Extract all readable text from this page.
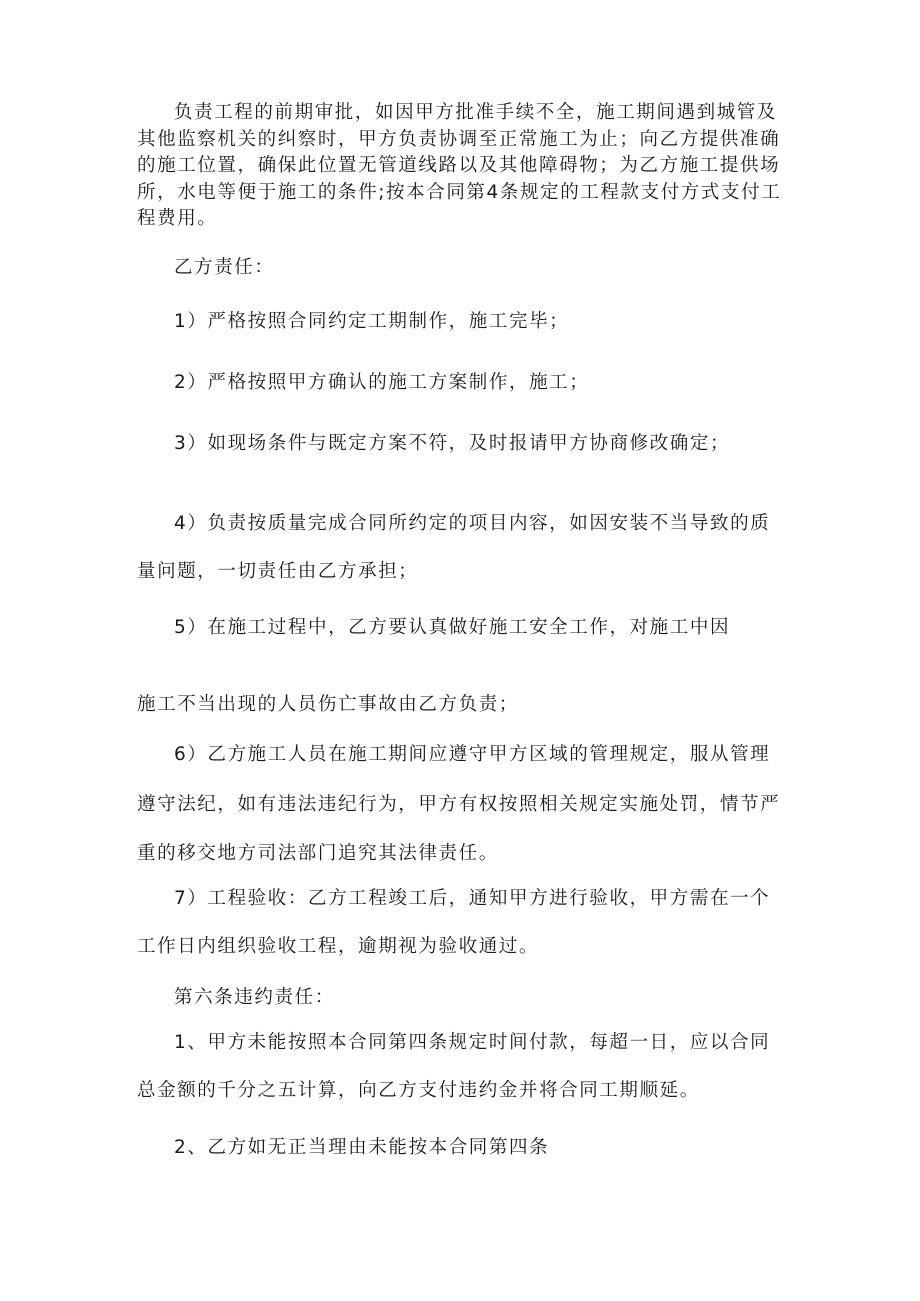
负责工程的前期审批，如因甲方批准手续不全，施工期间遇到城管及其他监察机关的纠察时，甲方负责协调至正常施工为止；向乙方提供准确的施工位置，确保此位置无管道线路以及其他障碍物；为乙方施工提供场所，水电等便于施工的条件;按本合同第4条规定的工程款支付方式支付工程费用。

乙方责任：

1）严格按照合同约定工期制作，施工完毕；

2）严格按照甲方确认的施工方案制作，施工；

3）如现场条件与既定方案不符，及时报请甲方协商修改确定；

4）负责按质量完成合同所约定的项目内容，如因安装不当导致的质

量问题，一切责任由乙方承担；

5）在施工过程中，乙方要认真做好施工安全工作，对施工中因

施工不当出现的人员伤亡事故由乙方负责；

6）乙方施工人员在施工期间应遵守甲方区域的管理规定，服从管理

遵守法纪，如有违法违纪行为，甲方有权按照相关规定实施处罚，情节严

重的移交地方司法部门追究其法律责任。

7）工程验收：乙方工程竣工后，通知甲方进行验收，甲方需在一个

工作日内组织验收工程，逾期视为验收通过。

第六条违约责任：

1、甲方未能按照本合同第四条规定时间付款，每超一日，应以合同

总金额的千分之五计算，向乙方支付违约金并将合同工期顺延。

2、乙方如无正当理由未能按本合同第四条
